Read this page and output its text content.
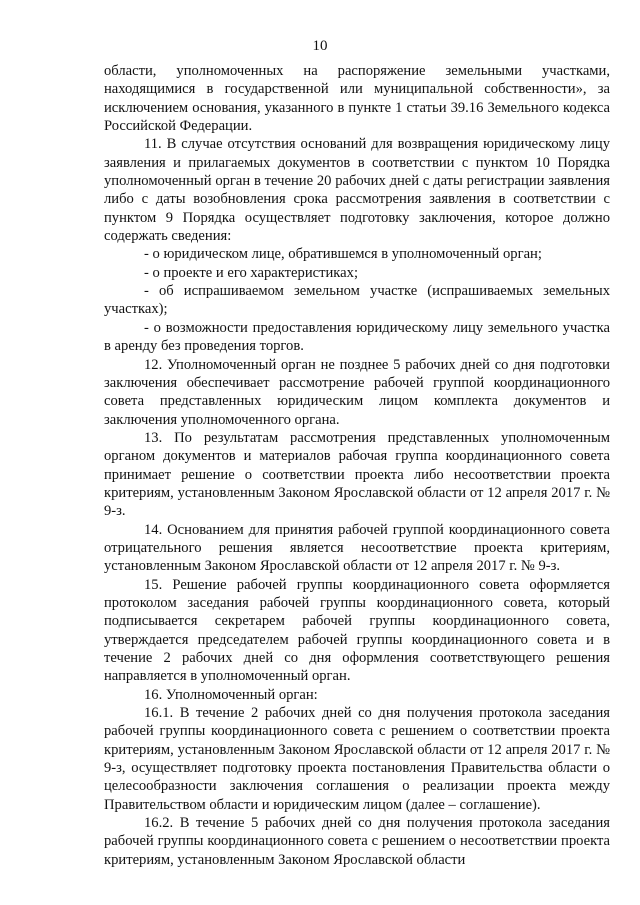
10

области, уполномоченных на распоряжение земельными участками, находящимися в государственной или муниципальной собственности», за исключением основания, указанного в пункте 1 статьи 39.16 Земельного кодекса Российской Федерации.

11. В случае отсутствия оснований для возвращения юридическому лицу заявления и прилагаемых документов в соответствии с пунктом 10 Порядка уполномоченный орган в течение 20 рабочих дней с даты регистрации заявления либо с даты возобновления срока рассмотрения заявления в соответствии с пунктом 9 Порядка осуществляет подготовку заключения, которое должно содержать сведения:

- о юридическом лице, обратившемся в уполномоченный орган;

- о проекте и его характеристиках;

- об испрашиваемом земельном участке (испрашиваемых земельных участках);

- о возможности предоставления юридическому лицу земельного участка в аренду без проведения торгов.

12. Уполномоченный орган не позднее 5 рабочих дней со дня подготовки заключения обеспечивает рассмотрение рабочей группой координационного совета представленных юридическим лицом комплекта документов и заключения уполномоченного органа.

13. По результатам рассмотрения представленных уполномоченным органом документов и материалов рабочая группа координационного совета принимает решение о соответствии проекта либо несоответствии проекта критериям, установленным Законом Ярославской области от 12 апреля 2017 г. № 9-з.

14. Основанием для принятия рабочей группой координационного совета отрицательного решения является несоответствие проекта критериям, установленным Законом Ярославской области от 12 апреля 2017 г. № 9-з.

15. Решение рабочей группы координационного совета оформляется протоколом заседания рабочей группы координационного совета, который подписывается секретарем рабочей группы координационного совета, утверждается председателем рабочей группы координационного совета и в течение 2 рабочих дней со дня оформления соответствующего решения направляется в уполномоченный орган.

16. Уполномоченный орган:

16.1. В течение 2 рабочих дней со дня получения протокола заседания рабочей группы координационного совета с решением о соответствии проекта критериям, установленным Законом Ярославской области от 12 апреля 2017 г. № 9-з, осуществляет подготовку проекта постановления Правительства области о целесообразности заключения соглашения о реализации проекта между Правительством области и юридическим лицом (далее – соглашение).

16.2. В течение 5 рабочих дней со дня получения протокола заседания рабочей группы координационного совета с решением о несоответствии проекта критериям, установленным Законом Ярославской области
